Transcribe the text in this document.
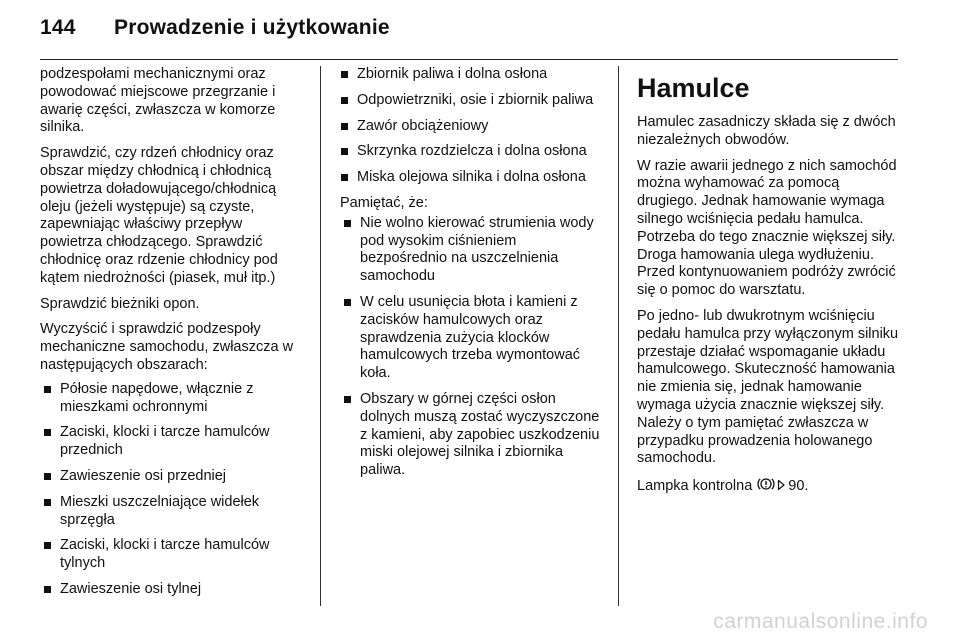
144 Prowadzenie i użytkowanie

podzespołami mechanicznymi oraz powodować miejscowe przegrzanie i awarię części, zwłaszcza w komorze silnika.

Sprawdzić, czy rdzeń chłodnicy oraz obszar między chłodnicą i chłodnicą powietrza doładowującego/chłodnicą oleju (jeżeli występuje) są czyste, zapewniając właściwy przepływ powietrza chłodzącego. Sprawdzić chłodnicę oraz rdzenie chłodnicy pod kątem niedrożności (piasek, muł itp.)

Sprawdzić bieżniki opon.

Wyczyścić i sprawdzić podzespoły mechaniczne samochodu, zwłaszcza w następujących obszarach:

Półosie napędowe, włącznie z mieszkami ochronnymi
Zaciski, klocki i tarcze hamulców przednich
Zawieszenie osi przedniej
Mieszki uszczelniające widełek sprzęgła
Zaciski, klocki i tarcze hamulców tylnych
Zawieszenie osi tylnej
Zbiornik paliwa i dolna osłona
Odpowietrzniki, osie i zbiornik paliwa
Zawór obciążeniowy
Skrzynka rozdzielcza i dolna osłona
Miska olejowa silnika i dolna osłona
Pamiętać, że:
Nie wolno kierować strumienia wody pod wysokim ciśnieniem bezpośrednio na uszczelnienia samochodu
W celu usunięcia błota i kamieni z zacisków hamulcowych oraz sprawdzenia zużycia klocków hamulcowych trzeba wymontować koła.
Obszary w górnej części osłon dolnych muszą zostać wyczyszczone z kamieni, aby zapobiec uszkodzeniu miski olejowej silnika i zbiornika paliwa.
Hamulce

Hamulec zasadniczy składa się z dwóch niezależnych obwodów.

W razie awarii jednego z nich samochód można wyhamować za pomocą drugiego. Jednak hamowanie wymaga silnego wciśnięcia pedału hamulca. Potrzeba do tego znacznie większej siły. Droga hamowania ulega wydłużeniu. Przed kontynuowaniem podróży zwrócić się o pomoc do warsztatu.

Po jedno- lub dwukrotnym wciśnięciu pedału hamulca przy wyłączonym silniku przestaje działać wspomaganie układu hamulcowego. Skuteczność hamowania nie zmienia się, jednak hamowanie wymaga użycia znacznie większej siły. Należy o tym pamiętać zwłaszcza w przypadku prowadzenia holowanego samochodu.

Lampka kontrolna 90.

carmanualsonline.info
